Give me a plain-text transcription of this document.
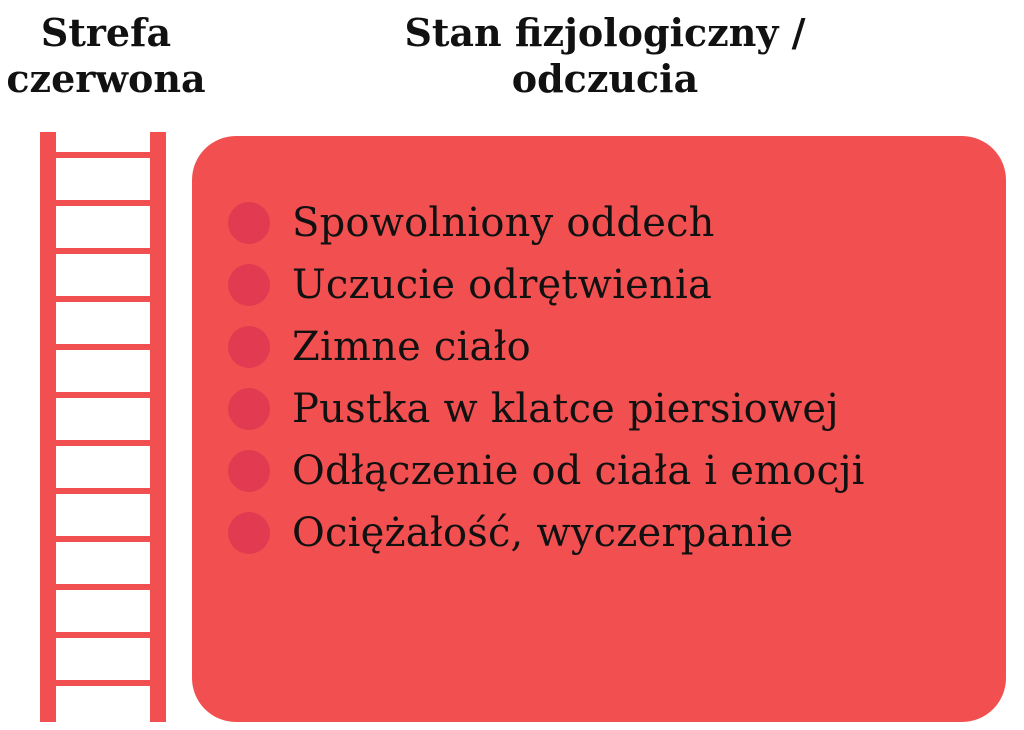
Strefa
czerwona
Stan fizjologiczny /
odczucia
Spowolniony oddech
Uczucie odrętwienia
Zimne ciało
Pustka w klatce piersiowej
Odłączenie od ciała i emocji
Ociężałość, wyczerpanie
